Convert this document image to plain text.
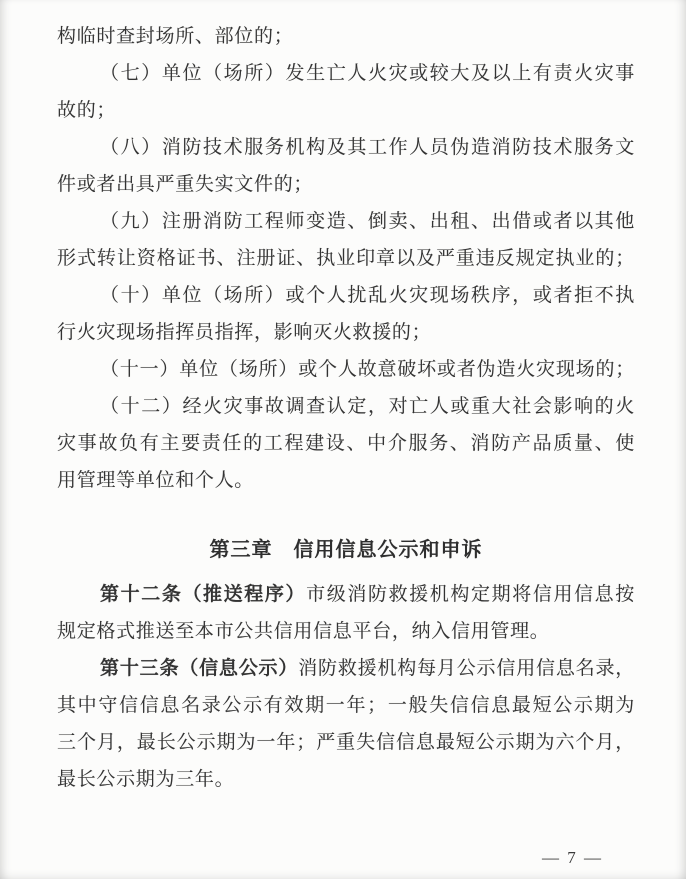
构临时查封场所、部位的；

（七）单位（场所）发生亡人火灾或较大及以上有责火灾事

故的；

（八）消防技术服务机构及其工作人员伪造消防技术服务文

件或者出具严重失实文件的；

（九）注册消防工程师变造、倒卖、出租、出借或者以其他

形式转让资格证书、注册证、执业印章以及严重违反规定执业的；

（十）单位（场所）或个人扰乱火灾现场秩序，或者拒不执

行火灾现场指挥员指挥，影响灭火救援的；

（十一）单位（场所）或个人故意破坏或者伪造火灾现场的；

（十二）经火灾事故调查认定，对亡人或重大社会影响的火

灾事故负有主要责任的工程建设、中介服务、消防产品质量、使

用管理等单位和个人。

第三章　信用信息公示和申诉

第十二条（推送程序）市级消防救援机构定期将信用信息按

规定格式推送至本市公共信用信息平台，纳入信用管理。

第十三条（信息公示）消防救援机构每月公示信用信息名录，

其中守信信息名录公示有效期一年；一般失信信息最短公示期为

三个月，最长公示期为一年；严重失信信息最短公示期为六个月，

最长公示期为三年。

— 7 —
